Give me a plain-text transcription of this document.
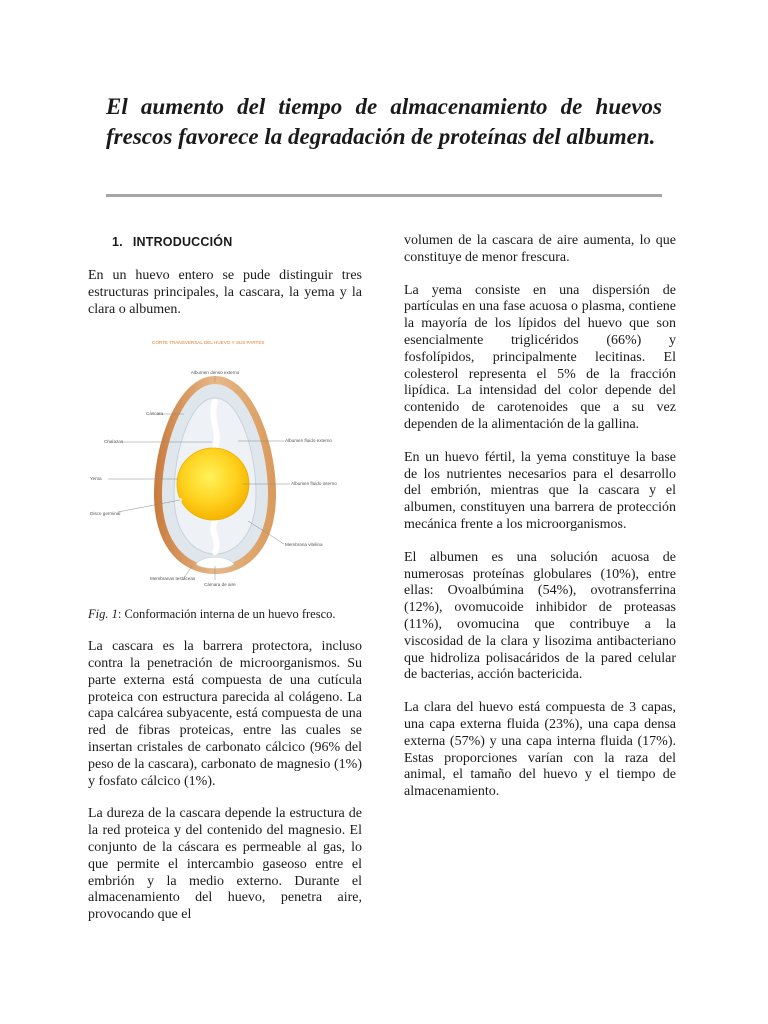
El aumento del tiempo de almacenamiento de huevos frescos favorece la degradación de proteínas del albumen.
1. INTRODUCCIÓN

En un huevo entero se pude distinguir tres estructuras principales, la cascara, la yema y la clara o albumen.

CORTE TRANSVERSAL DEL HUEVO Y SUS PARTES
Albumen denso externo
Cáscara
Chalazas
Yema
Disco germinal
Albumen fluido externo
Albumen fluido interno
Membrana vitelina
Membranas testáceas
Cámara de aire

Fig. 1: Conformación interna de un huevo fresco.

La cascara es la barrera protectora, incluso contra la penetración de microorganismos. Su parte externa está compuesta de una cutícula proteica con estructura parecida al colágeno. La capa calcárea subyacente, está compuesta de una red de fibras proteicas, entre las cuales se insertan cristales de carbonato cálcico (96% del peso de la cascara), carbonato de magnesio (1%) y fosfato cálcico (1%).

La dureza de la cascara depende la estructura de la red proteica y del contenido del magnesio. El conjunto de la cáscara es permeable al gas, lo que permite el intercambio gaseoso entre el embrión y la medio externo. Durante el almacenamiento del huevo, penetra aire, provocando que el

volumen de la cascara de aire aumenta, lo que constituye de menor frescura.

La yema consiste en una dispersión de partículas en una fase acuosa o plasma, contiene la mayoría de los lípidos del huevo que son esencialmente triglicéridos (66%) y fosfolípidos, principalmente lecitinas. El colesterol representa el 5% de la fracción lipídica. La intensidad del color depende del contenido de carotenoides que a su vez dependen de la alimentación de la gallina.

En un huevo fértil, la yema constituye la base de los nutrientes necesarios para el desarrollo del embrión, mientras que la cascara y el albumen, constituyen una barrera de protección mecánica frente a los microorganismos.

El albumen es una solución acuosa de numerosas proteínas globulares (10%), entre ellas: Ovoalbúmina (54%), ovotransferrina (12%), ovomucoide inhibidor de proteasas (11%), ovomucina que contribuye a la viscosidad de la clara y lisozima antibacteriano que hidroliza polisacáridos de la pared celular de bacterias, acción bactericida.

La clara del huevo está compuesta de 3 capas, una capa externa fluida (23%), una capa densa externa (57%) y una capa interna fluida (17%). Estas proporciones varían con la raza del animal, el tamaño del huevo y el tiempo de almacenamiento.
